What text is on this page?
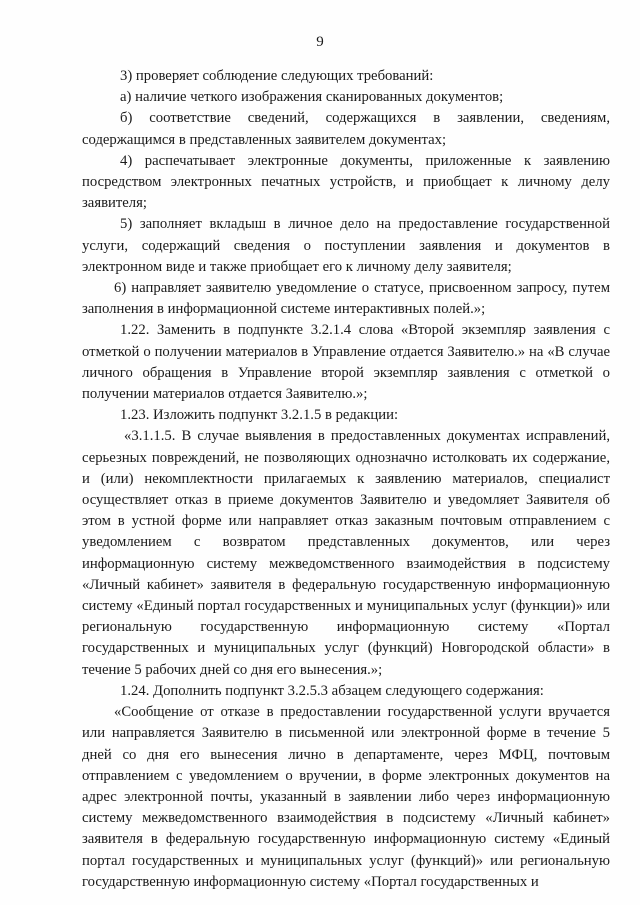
9

3) проверяет соблюдение следующих требований:

а) наличие четкого изображения сканированных документов;

б) соответствие сведений, содержащихся в заявлении, сведениям, содержащимся в представленных заявителем документах;

4) распечатывает электронные документы, приложенные к заявлению посредством электронных печатных устройств, и приобщает к личному делу заявителя;

5) заполняет вкладыш в личное дело на предоставление государственной услуги, содержащий сведения о поступлении заявления и документов в электронном виде и также приобщает его к личному делу заявителя;

6) направляет заявителю уведомление о статусе, присвоенном запросу, путем заполнения в информационной системе интерактивных полей.»;

1.22. Заменить в подпункте 3.2.1.4 слова «Второй экземпляр заявления с отметкой о получении материалов в Управление отдается Заявителю.» на «В случае личного обращения в Управление второй экземпляр заявления с отметкой о получении материалов отдается Заявителю.»;

1.23. Изложить подпункт 3.2.1.5 в редакции:

«3.1.1.5. В случае выявления в предоставленных документах исправлений, серьезных повреждений, не позволяющих однозначно истолковать их содержание, и (или) некомплектности прилагаемых к заявлению материалов, специалист осуществляет отказ в приеме документов Заявителю и уведомляет Заявителя об этом в устной форме или направляет отказ заказным почтовым отправлением с уведомлением с возвратом представленных документов, или через информационную систему межведомственного взаимодействия в подсистему «Личный кабинет» заявителя в федеральную государственную информационную систему «Единый портал государственных и муниципальных услуг (функции)» или региональную государственную информационную систему «Портал государственных и муниципальных услуг (функций) Новгородской области» в течение 5 рабочих дней со дня его вынесения.»;

1.24. Дополнить подпункт 3.2.5.3 абзацем следующего содержания:

«Сообщение от отказе в предоставлении государственной услуги вручается или направляется Заявителю в письменной или электронной форме в течение 5 дней со дня его вынесения лично в департаменте, через МФЦ, почтовым отправлением с уведомлением о вручении, в форме электронных документов на адрес электронной почты, указанный в заявлении либо через информационную систему межведомственного взаимодействия в подсистему «Личный кабинет» заявителя в федеральную государственную информационную систему «Единый портал государственных и муниципальных услуг (функций)» или региональную государственную информационную систему «Портал государственных и
